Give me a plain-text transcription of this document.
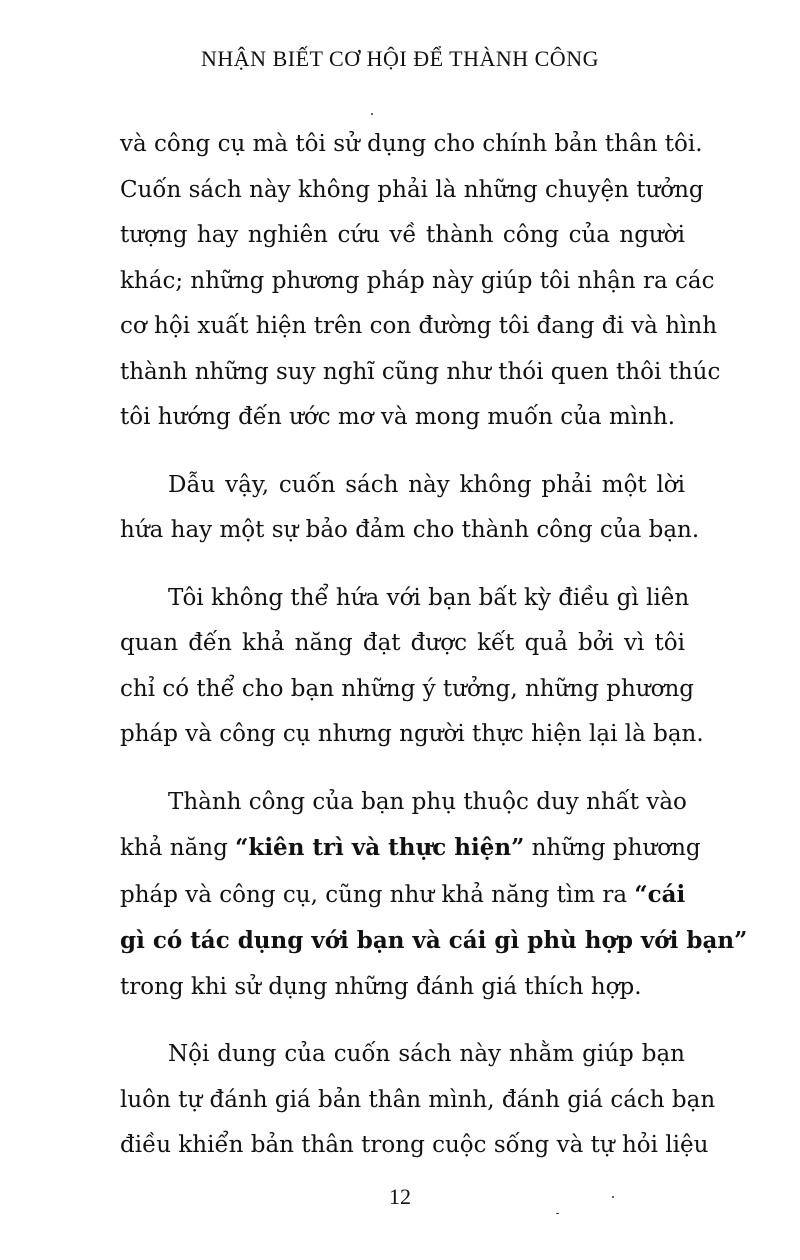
NHẬN BIẾT CƠ HỘI ĐỂ THÀNH CÔNG

và công cụ mà tôi sử dụng cho chính bản thân tôi.
Cuốn sách này không phải là những chuyện tưởng
tượng hay nghiên cứu về thành công của người
khác; những phương pháp này giúp tôi nhận ra các
cơ hội xuất hiện trên con đường tôi đang đi và hình
thành những suy nghĩ cũng như thói quen thôi thúc
tôi hướng đến ước mơ và mong muốn của mình.

Dẫu vậy, cuốn sách này không phải một lời
hứa hay một sự bảo đảm cho thành công của bạn.

Tôi không thể hứa với bạn bất kỳ điều gì liên
quan đến khả năng đạt được kết quả bởi vì tôi
chỉ có thể cho bạn những ý tưởng, những phương
pháp và công cụ nhưng người thực hiện lại là bạn.

Thành công của bạn phụ thuộc duy nhất vào
khả năng “kiên trì và thực hiện” những phương
pháp và công cụ, cũng như khả năng tìm ra “cái
gì có tác dụng với bạn và cái gì phù hợp với bạn”
trong khi sử dụng những đánh giá thích hợp.

Nội dung của cuốn sách này nhằm giúp bạn
luôn tự đánh giá bản thân mình, đánh giá cách bạn
điều khiển bản thân trong cuộc sống và tự hỏi liệu

12
